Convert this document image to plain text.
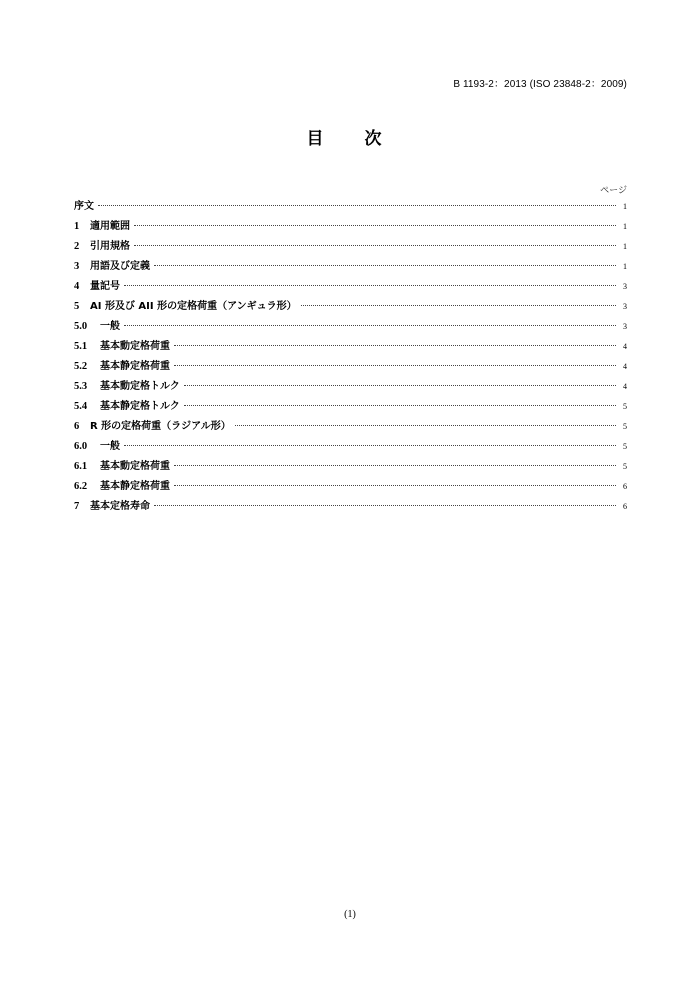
B 1193-2：2013 (ISO 23848-2：2009)
目　次
ページ
序文	1
1	適用範囲	1
2	引用規格	1
3	用語及び定義	1
4	量記号	3
5	AI 形及び AII 形の定格荷重（アンギュラ形）	3
5.0	一般	3
5.1	基本動定格荷重	4
5.2	基本静定格荷重	4
5.3	基本動定格トルク	4
5.4	基本静定格トルク	5
6	R 形の定格荷重（ラジアル形）	5
6.0	一般	5
6.1	基本動定格荷重	5
6.2	基本静定格荷重	6
7	基本定格寿命	6
(1)
